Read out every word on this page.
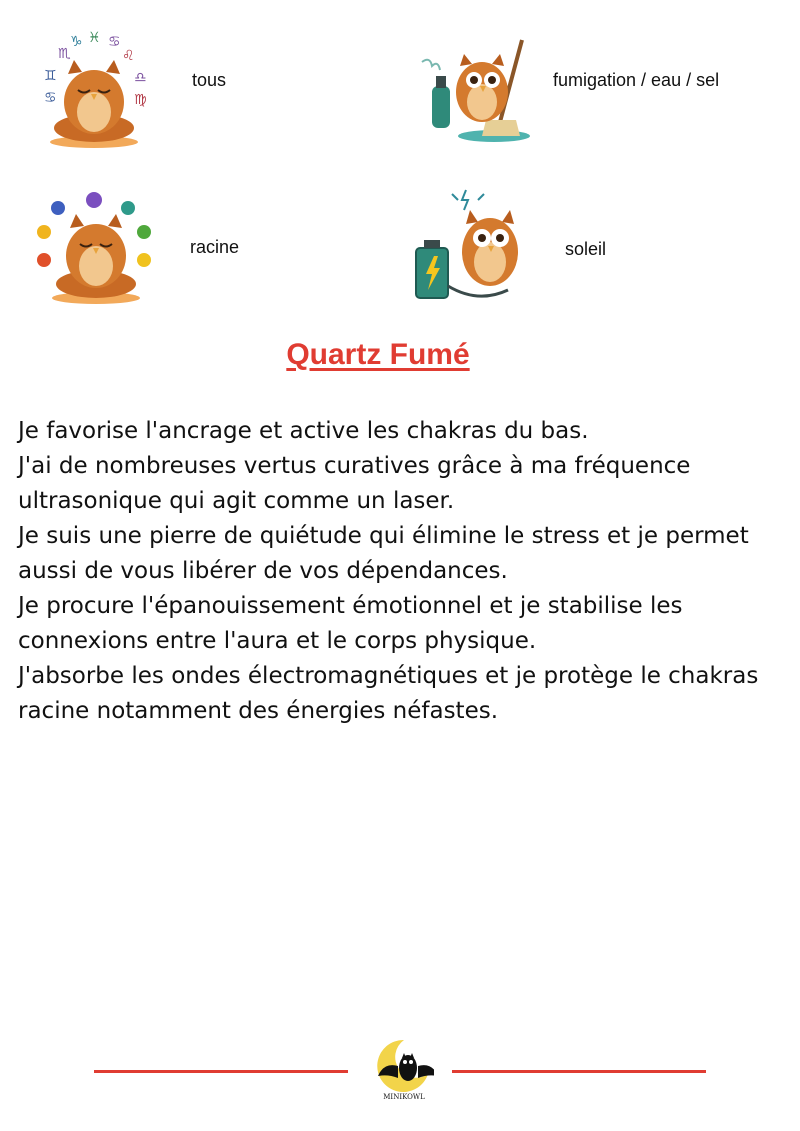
♏
♑ ♓ ♋
♌
♊	♎
♋	♍
tous	fumigation / eau / sel
racine	soleil
Quartz Fumé

Je favorise l'ancrage et active les chakras du bas.

J'ai de nombreuses vertus curatives grâce à ma fréquence ultrasonique qui agit comme un laser.

Je suis une pierre de quiétude qui élimine le stress et je permet aussi de vous libérer de vos dépendances.

Je procure l'épanouissement émotionnel et je stabilise les connexions entre l'aura et le corps physique.

J'absorbe les ondes électromagnétiques et je protège le chakras racine notamment des énergies néfastes.

MINIKOWL
